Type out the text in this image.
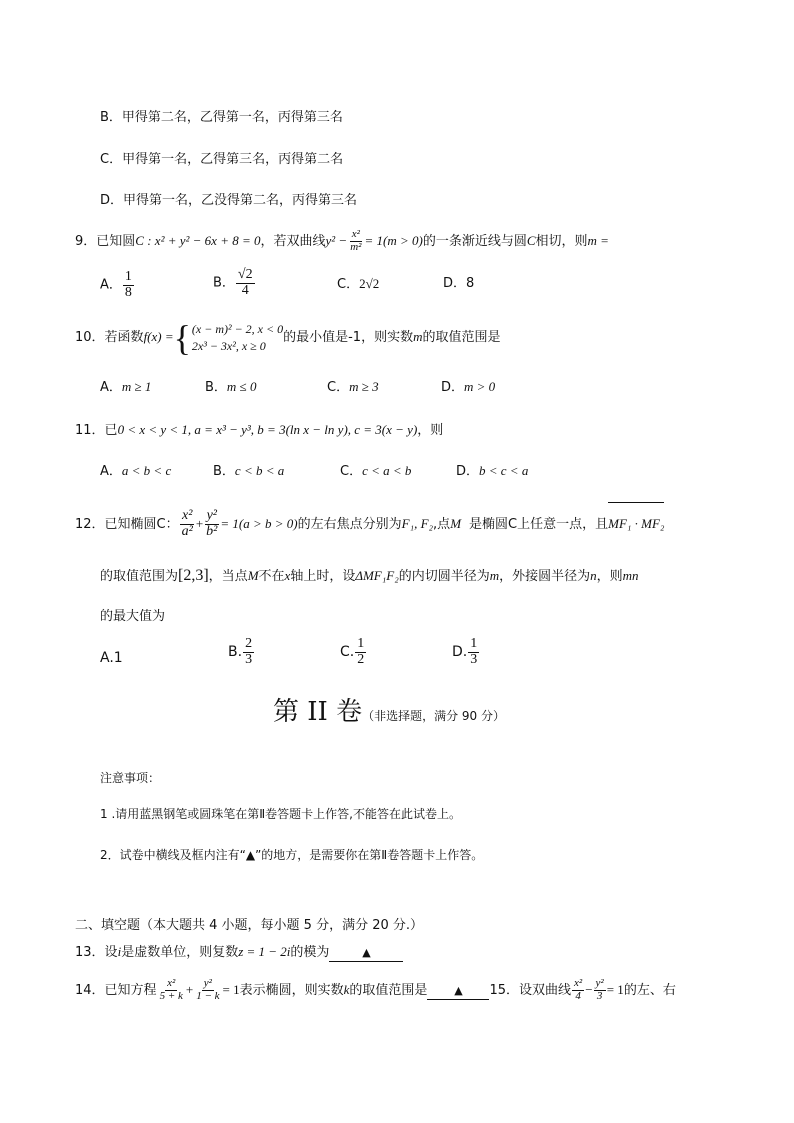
B．甲得第二名，乙得第一名，丙得第三名
C．甲得第一名，乙得第三名，丙得第二名
D．甲得第一名，乙没得第二名，丙得第三名
9．已知圆C : x² + y² − 6x + 8 = 0，若双曲线$y^2 - \frac{\text{x²}}{\text{m²}} = 1(m > 0)$的一条渐近线与圆C相切，则m =
A． $\frac{1}{8}$	B． $\frac{√2}{4}$	C．2√2	D．8
10．若函数f(x) = { (x − m)² − 2, x < 0
2x³ − 3x², x ≥ 0
的最小值是-1，则实数m的取值范围是
A．m ≥ 1	B．m ≤ 0	C．m ≥ 3	D．m > 0
11．已0 < x < y < 1, a = x³ − y³, b = 3(ln x − ln y), c = 3(x − y)，则
A．a < b < c	B．c < b < a	C．c < a < b	D．b < c < a
12．已知椭圆C： $\frac{\text{x²}}{\text{a²}} + \frac{\text{y²}}{\text{b²}} = 1(a > b > 0)$的左右焦点分别为F₁, F₂,点M 是椭圆C上任意一点，且MF₁ · MF₂
的取值范围为[2,3]，当点M不在x轴上时，设ΔMF₁F₂的内切圆半径为m，外接圆半径为n，则mn
的最大值为
A.1	B. $\frac{2}{3}$	C. $\frac{1}{2}$	D. $\frac{1}{3}$
第 II 卷（非选择题，满分 90 分）
注意事项：
1 .请用蓝黑钢笔或圆珠笔在第Ⅱ卷答题卡上作答,不能答在此试卷上。
2．试卷中横线及框内注有“▲”的地方，是需要你在第Ⅱ卷答题卡上作答。
二、填空题（本大题共 4 小题，每小题 5 分，满分 20 分.）
13．设i是虚数单位，则复数z = 1 − 2i的模为	▲
14．已知方程 $\frac{\text{x²}}{5 + k} + \frac{\text{y²}}{1 - k} = 1$表示椭圆，则实数k的取值范围是 ▲ 15．设双曲线 $\frac{\text{x²}}{4} - \frac{\text{y²}}{3} = 1$的左、右
